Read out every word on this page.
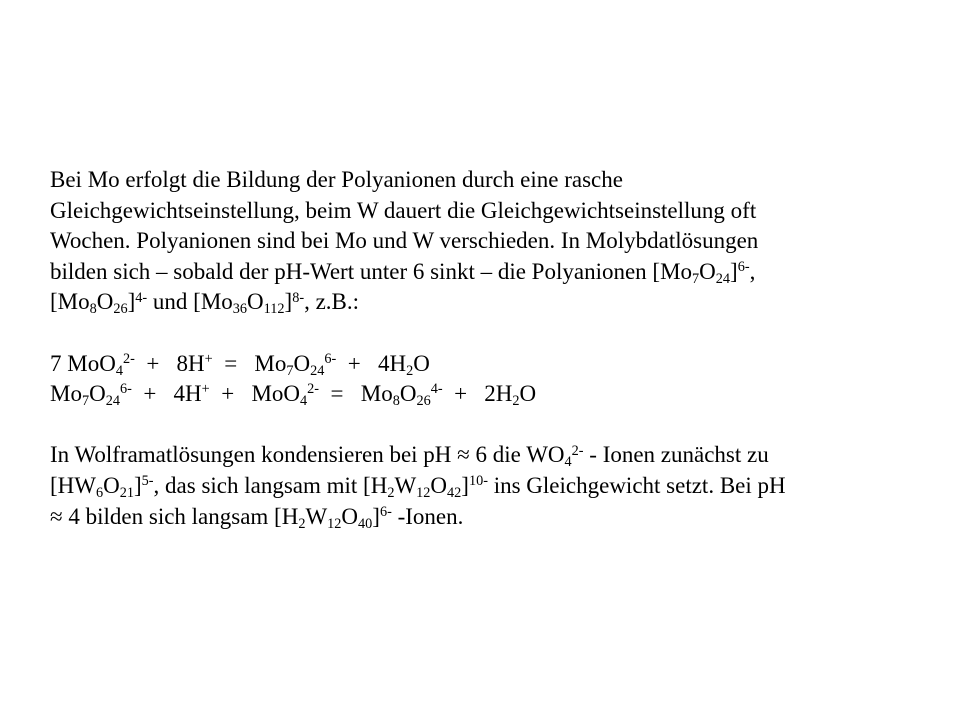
Bei Mo erfolgt die Bildung der Polyanionen durch eine rasche
Gleichgewichtseinstellung, beim W dauert die Gleichgewichtseinstellung oft
Wochen. Polyanionen sind bei Mo und W verschieden. In Molybdatlösungen
bilden sich – sobald der pH-Wert unter 6 sinkt – die Polyanionen $[Mo_7O_{24}]^{6-}$,
$[Mo_8O_{26}]^{4-}$ und $[Mo_{36}O_{112}]^{8-}$, z.B.:
7 $MoO_4^{2-} + 8H^+ = Mo_7O_{24}^{6-} + 4H_2O$
$Mo_7O_{24}^{6-} + 4H^+ + MoO_4^{2-} = Mo_8O_{26}^{4-} + 2H_2O$
In Wolframatlösungen kondensieren bei pH ≈ 6 die $WO_4^{2-}$ - Ionen zunächst zu
$[HW_6O_{21}]^{5-}$, das sich langsam mit $[H_2W_{12}O_{42}]^{10-}$ ins Gleichgewicht setzt. Bei pH
≈ 4 bilden sich langsam $[H_2W_{12}O_{40}]^{6-}$ -Ionen.
